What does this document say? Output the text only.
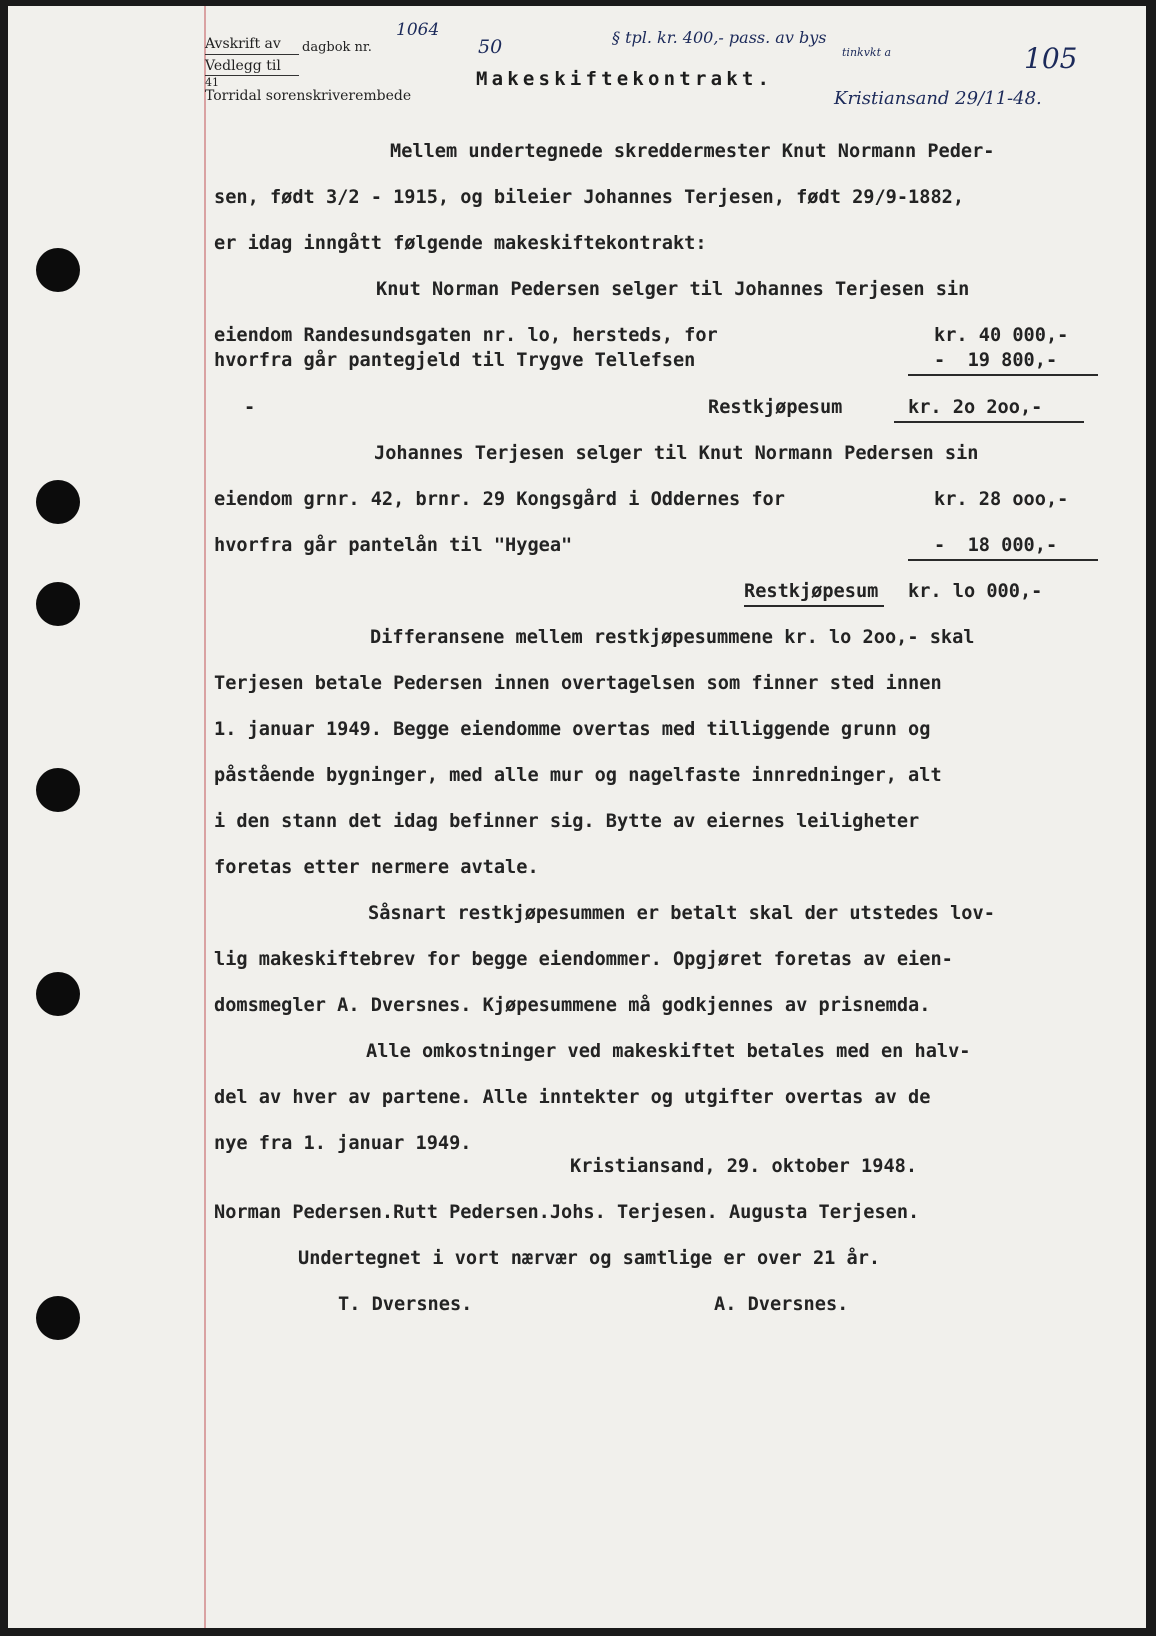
Avskrift av dagbok nr.
Vedlegg til
41
Torridal sorenskriverembede
1064
50	§ tpl. kr. 400,- pass. av bys
tinkvkt a	105
Kristiansand 29/11-48.
Makeskiftekontrakt.
Mellem undertegnede skreddermester Knut Normann Peder-
sen, født 3/2 - 1915, og bileier Johannes Terjesen, født 29/9-1882,
er idag inngått følgende makeskiftekontrakt:
Knut Norman Pedersen selger til Johannes Terjesen sin
eiendom Randesundsgaten nr. lo, hersteds, for	kr. 40 000,-
hvorfra går pantegjeld til Trygve Tellefsen	-  19 800,-
-	Restkjøpesum	kr. 2o 2oo,-
Johannes Terjesen selger til Knut Normann Pedersen sin
eiendom grnr. 42, brnr. 29 Kongsgård i Oddernes for	kr. 28 ooo,-
hvorfra går pantelån til "Hygea"	-  18 000,-
Restkjøpesum kr. lo 000,-
Differansene mellem restkjøpesummene kr. lo 2oo,- skal
Terjesen betale Pedersen innen overtagelsen som finner sted innen
1. januar 1949. Begge eiendomme overtas med tilliggende grunn og
påstående bygninger, med alle mur og nagelfaste innredninger, alt
i den stann det idag befinner sig. Bytte av eiernes leiligheter
foretas etter nermere avtale.
Såsnart restkjøpesummen er betalt skal der utstedes lov-
lig makeskiftebrev for begge eiendommer. Opgjøret foretas av eien-
domsmegler A. Dversnes. Kjøpesummene må godkjennes av prisnemda.
Alle omkostninger ved makeskiftet betales med en halv-
del av hver av partene. Alle inntekter og utgifter overtas av de
nye fra 1. januar 1949.
Kristiansand, 29. oktober 1948.
Norman Pedersen.Rutt Pedersen.Johs. Terjesen. Augusta Terjesen.
Undertegnet i vort nærvær og samtlige er over 21 år.
T. Dversnes.	A. Dversnes.
